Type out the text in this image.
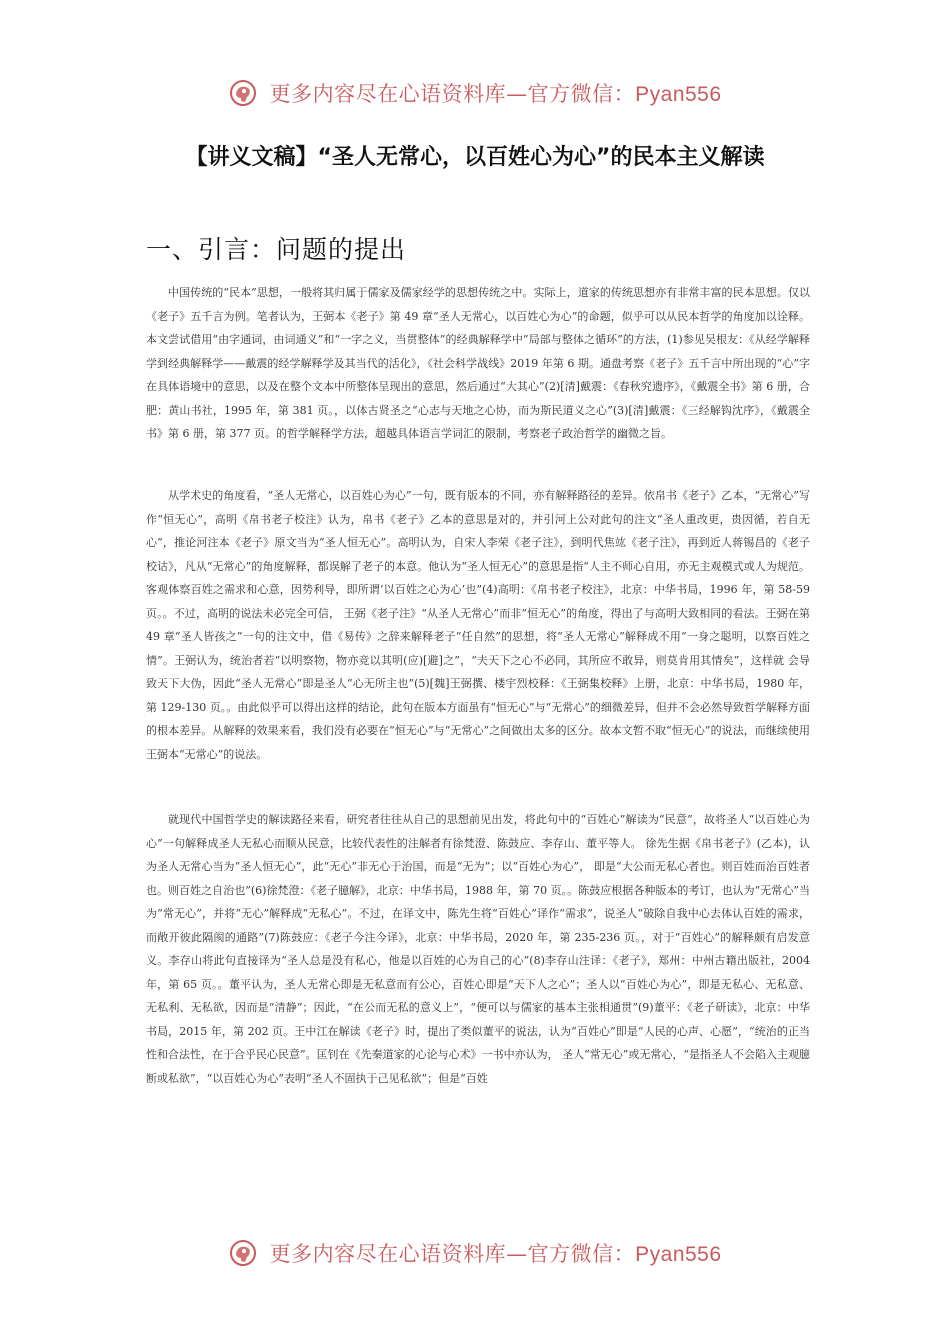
更多内容尽在心语资料库—官方微信：Pyan556
【讲义文稿】“圣人无常心，以百姓心为心”的民本主义解读
一、引言：问题的提出

中国传统的“民本”思想，一般将其归属于儒家及儒家经学的思想传统之中。实际上，道家的传统思想亦有非常丰富的民本思想。仅以《老子》五千言为例。笔者认为，王弼本《老子》第 49 章“圣人无常心，以百姓心为心”的命题，似乎可以从民本哲学的角度加以诠释。本文尝试借用“由字通词，由词通义”和“一字之义，当贯整体”的经典解释学中“局部与整体之循环”的方法，(1)参见吴根友：《从经学解释学到经典解释学——戴震的经学解释学及其当代的活化》，《社会科学战线》2019 年第 6 期。通盘考察《老子》五千言中所出现的“心”字在具体语境中的意思，以及在整个文本中所整体呈现出的意思，然后通过“大其心”(2)[清]戴震：《春秋究遗序》，《戴震全书》第 6 册，合肥：黄山书社，1995 年，第 381 页。，以体古贤圣之“心志与天地之心协，而为斯民道义之心”(3)[清]戴震：《三经解钩沈序》，《戴震全书》第 6 册，第 377 页。的哲学解释学方法，超越具体语言学词汇的限制，考察老子政治哲学的幽微之旨。

从学术史的角度看，“圣人无常心，以百姓心为心”一句，既有版本的不同，亦有解释路径的差异。依帛书《老子》乙本，“无常心”写作“恒无心”，高明《帛书老子校注》认为，帛书《老子》乙本的意思是对的，并引河上公对此句的注文“圣人重改更，贵因循，若自无心”，推论河注本《老子》原文当为“圣人恒无心”。高明认为，自宋人李荣《老子注》，到明代焦竑《老子注》，再到近人蒋锡昌的《老子校诂》，凡从“无常心”的角度解释，都误解了老子的本意。他认为“圣人恒无心”的意思是指“人主不师心自用，亦无主观模式或人为规范。客观体察百姓之需求和心意，因势利导，即所谓‘以百姓之心为心’也”(4)高明：《帛书老子校注》，北京：中华书局，1996 年，第 58-59 页。。不过，高明的说法未必完全可信， 王弼《老子注》“从圣人无常心”而非“恒无心”的角度，得出了与高明大致相同的看法。王弼在第 49 章“圣人皆孩之”一句的注文中，借《易传》之辞来解释老子“任自然”的思想，将“圣人无常心”解释成不用“一身之聪明，以察百姓之情”。王弼认为，统治者若“以明察物，物亦竞以其明(应)[避]之”，“夫天下之心不必同，其所应不敢异，则莫肯用其情矣”，这样就 会导致天下大伪，因此“圣人无常心”即是圣人“心无所主也”(5)[魏]王弼撰、楼宇烈校释：《王弼集校释》上册，北京：中华书局，1980 年，第 129-130 页。。由此似乎可以得出这样的结论，此句在版本方面虽有“恒无心”与“无常心”的细微差异，但并不会必然导致哲学解释方面的根本差异。从解释的效果来看，我们没有必要在“恒无心”与“无常心”之间做出太多的区分。故本文暂不取“恒无心”的说法，而继续使用王弼本“无常心”的说法。

就现代中国哲学史的解读路径来看，研究者往往从自己的思想前见出发，将此句中的“百姓心”解读为“民意”，故将圣人“以百姓心为心”一句解释成圣人无私心而顺从民意，比较代表性的注解者有徐梵澄、陈鼓应、李存山、董平等人。 徐先生据《帛书老子》(乙本)，认为圣人无常心当为“圣人恒无心”，此“无心”非无心于治国，而是“无为”；以“百姓心为心”， 即是“大公而无私心者也。则百姓而治百姓者也。则百姓之自治也”(6)徐梵澄：《老子臆解》，北京：中华书局，1988 年，第 70 页。。陈鼓应根据各种版本的考订，也认为“无常心”当为“常无心”，并将“无心”解释成“无私心”。不过，在译文中，陈先生将“百姓心”译作“需求”，说圣人“破除自我中心去体认百姓的需求，而敞开彼此隔阂的通路”(7)陈鼓应：《老子今注今译》，北京：中华书局，2020 年，第 235-236 页。，对于“百姓心”的解释颇有启发意义。李存山将此句直接译为“圣人总是没有私心，他是以百姓的心为自己的心”(8)李存山注译：《老子》，郑州：中州古籍出版社，2004 年，第 65 页。。董平认为，圣人无常心即是无私意而有公心，百姓心即是“天下人之心”；圣人以“百姓心为心”，即是无私心、无私意、无私利、无私欲，因而是“清静”；因此，“在公而无私的意义上”，“便可以与儒家的基本主张相通贯”(9)董平：《老子研读》，北京：中华书局，2015 年，第 202 页。王中江在解读《老子》时，提出了类似董平的说法，认为“百姓心”即是“人民的心声、心愿”，“统治的正当性和合法性，在于合乎民心民意”。匡钊在《先秦道家的心论与心术》一书中亦认为， 圣人“常无心”或无常心，“是指圣人不会陷入主观臆断或私欲”，“以百姓心为心”表明“圣人不固执于己见私欲”；但是“百姓

更多内容尽在心语资料库—官方微信：Pyan556
